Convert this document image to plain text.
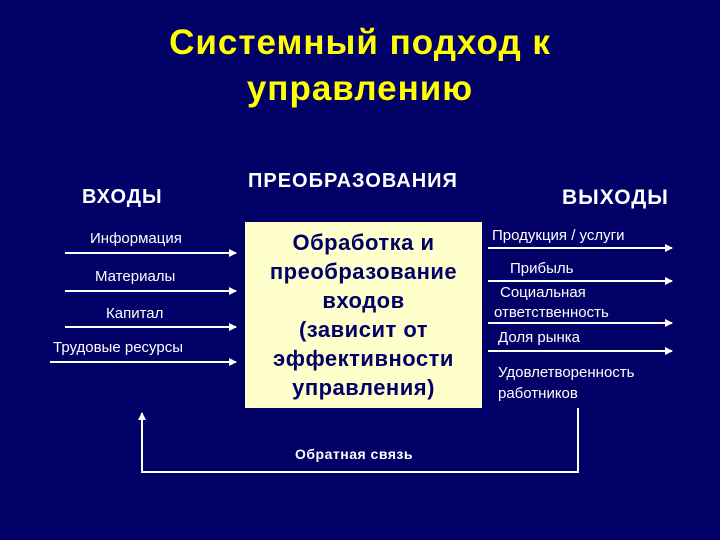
Системный подход к
управлению
ВХОДЫ
ПРЕОБРАЗОВАНИЯ
ВЫХОДЫ
Информация
Материалы
Капитал
Трудовые ресурсы
Обработка и
преобразование
входов
(зависит от
эффективности
управления)
Продукция / услуги
Прибыль
Социальная
ответственность
Доля рынка
Удовлетворенность
работников
Обратная связь
